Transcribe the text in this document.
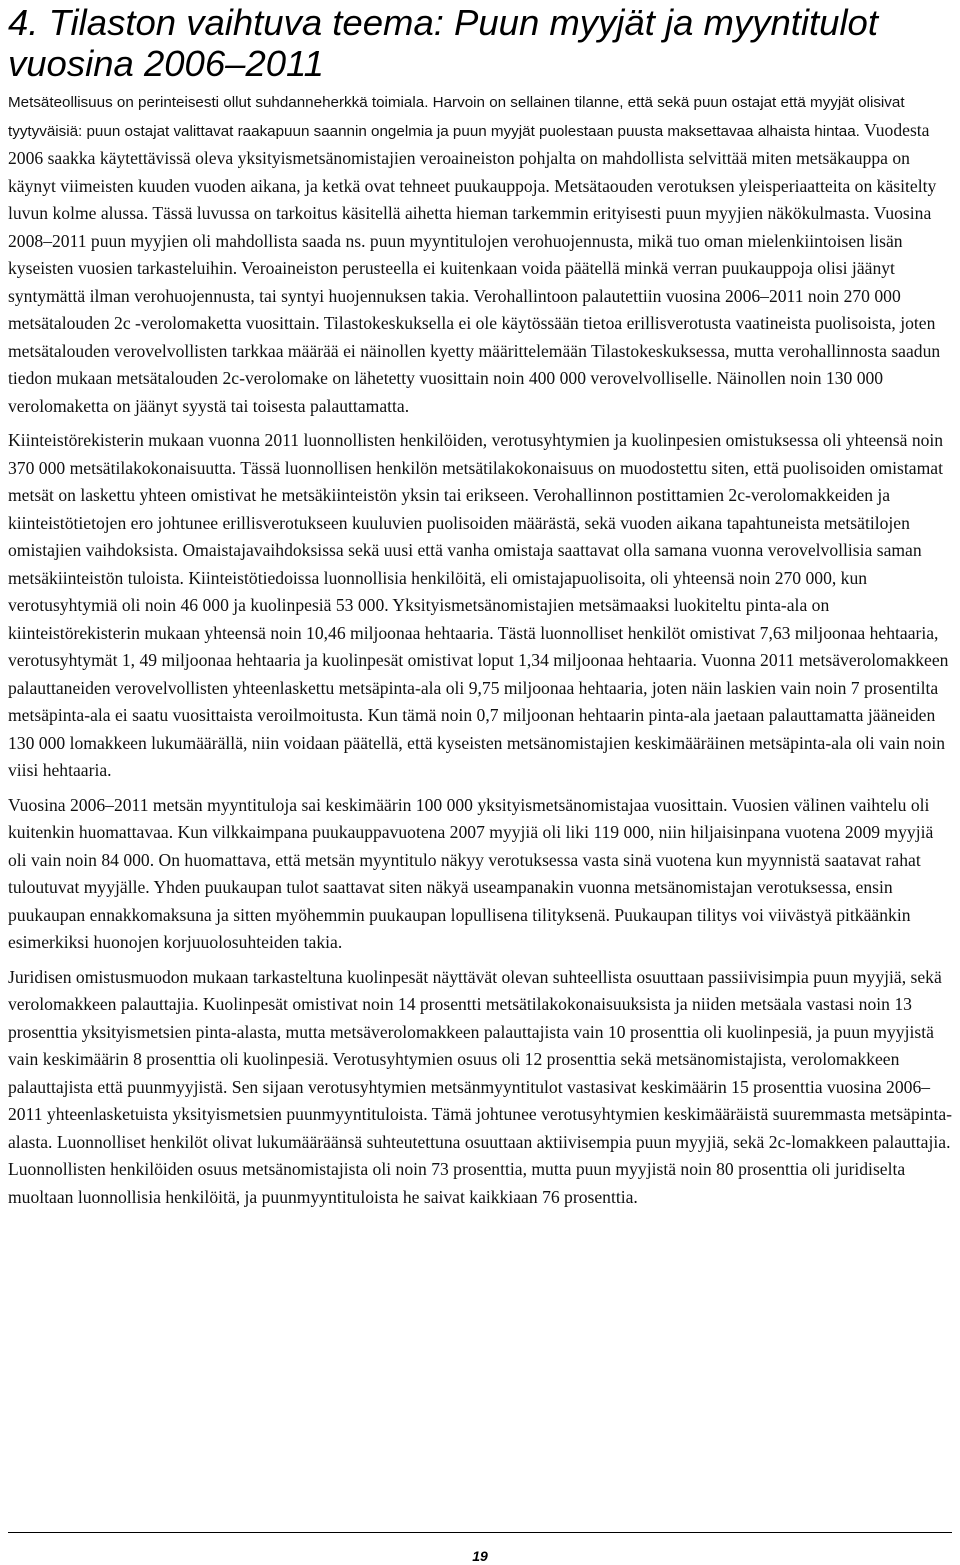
4. Tilaston vaihtuva teema: Puun myyjät ja myyntitulot vuosina 2006–2011

Metsäteollisuus on perinteisesti ollut suhdanneherkkä toimiala. Harvoin on sellainen tilanne, että sekä puun ostajat että myyjät olisivat tyytyväisiä: puun ostajat valittavat raakapuun saannin ongelmia ja puun myyjät puolestaan puusta maksettavaa alhaista hintaa. Vuodesta 2006 saakka käytettävissä oleva yksityismetsänomistajien veroaineiston pohjalta on mahdollista selvittää miten metsäkauppa on käynyt viimeisten kuuden vuoden aikana, ja ketkä ovat tehneet puukauppoja. Metsätaouden verotuksen yleisperiaatteita on käsitelty luvun kolme alussa. Tässä luvussa on tarkoitus käsitellä aihetta hieman tarkemmin erityisesti puun myyjien näkökulmasta. Vuosina 2008–2011 puun myyjien oli mahdollista saada ns. puun myyntitulojen verohuojennusta, mikä tuo oman mielenkiintoisen lisän kyseisten vuosien tarkasteluihin. Veroaineiston perusteella ei kuitenkaan voida päätellä minkä verran puukauppoja olisi jäänyt syntymättä ilman verohuojennusta, tai syntyi huojennuksen takia. Verohallintoon palautettiin vuosina 2006–2011 noin 270 000 metsätalouden 2c -verolomaketta vuosittain. Tilastokeskuksella ei ole käytössään tietoa erillisverotusta vaatineista puolisoista, joten metsätalouden verovelvollisten tarkkaa määrää ei näinollen kyetty määrittelemään Tilastokeskuksessa, mutta verohallinnosta saadun tiedon mukaan metsätalouden 2c-verolomake on lähetetty vuosittain noin 400 000 verovelvolliselle. Näinollen noin 130 000 verolomaketta on jäänyt syystä tai toisesta palauttamatta.

Kiinteistörekisterin mukaan vuonna 2011 luonnollisten henkilöiden, verotusyhtymien ja kuolinpesien omistuksessa oli yhteensä noin 370 000 metsätilakokonaisuutta. Tässä luonnollisen henkilön metsätilakokonaisuus on muodostettu siten, että puolisoiden omistamat metsät on laskettu yhteen omistivat he metsäkiinteistön yksin tai erikseen. Verohallinnon postittamien 2c-verolomakkeiden ja kiinteistötietojen ero johtunee erillisverotukseen kuuluvien puolisoiden määrästä, sekä vuoden aikana tapahtuneista metsätilojen omistajien vaihdoksista. Omaistajavaihdoksissa sekä uusi että vanha omistaja saattavat olla samana vuonna verovelvollisia saman metsäkiinteistön tuloista. Kiinteistötiedoissa luonnollisia henkilöitä, eli omistajapuolisoita, oli yhteensä noin 270 000, kun verotusyhtymiä oli noin 46 000 ja kuolinpesiä 53 000. Yksityismetsänomistajien metsämaaksi luokiteltu pinta-ala on kiinteistörekisterin mukaan yhteensä noin 10,46 miljoonaa hehtaaria. Tästä luonnolliset henkilöt omistivat 7,63 miljoonaa hehtaaria, verotusyhtymät 1, 49 miljoonaa hehtaaria ja kuolinpesät omistivat loput 1,34 miljoonaa hehtaaria. Vuonna 2011 metsäverolomakkeen palauttaneiden verovelvollisten yhteenlaskettu metsäpinta-ala oli 9,75 miljoonaa hehtaaria, joten näin laskien vain noin 7 prosentilta metsäpinta-ala ei saatu vuosittaista veroilmoitusta. Kun tämä noin 0,7 miljoonan hehtaarin pinta-ala jaetaan palauttamatta jääneiden 130 000 lomakkeen lukumäärällä, niin voidaan päätellä, että kyseisten metsänomistajien keskimääräinen metsäpinta-ala oli vain noin viisi hehtaaria.

Vuosina 2006–2011 metsän myyntituloja sai keskimäärin 100 000 yksityismetsänomistajaa vuosittain. Vuosien välinen vaihtelu oli kuitenkin huomattavaa. Kun vilkkaimpana puukauppavuotena 2007 myyjiä oli liki 119 000, niin hiljaisinpana vuotena 2009 myyjiä oli vain noin 84 000. On huomattava, että metsän myyntitulo näkyy verotuksessa vasta sinä vuotena kun myynnistä saatavat rahat tuloutuvat myyjälle. Yhden puukaupan tulot saattavat siten näkyä useampanakin vuonna metsänomistajan verotuksessa, ensin puukaupan ennakkomaksuna ja sitten myöhemmin puukaupan lopullisena tilityksenä. Puukaupan tilitys voi viivästyä pitkäänkin esimerkiksi huonojen korjuuolosuhteiden takia.

Juridisen omistusmuodon mukaan tarkasteltuna kuolinpesät näyttävät olevan suhteellista osuuttaan passiivisimpia puun myyjiä, sekä verolomakkeen palauttajia. Kuolinpesät omistivat noin 14 prosentti metsätilakokonaisuuksista ja niiden metsäala vastasi noin 13 prosenttia yksityismetsien pinta-alasta, mutta metsäverolomakkeen palauttajista vain 10 prosenttia oli kuolinpesiä, ja puun myyjistä vain keskimäärin 8 prosenttia oli kuolinpesiä. Verotusyhtymien osuus oli 12 prosenttia sekä metsänomistajista, verolomakkeen palauttajista että puunmyyjistä. Sen sijaan verotusyhtymien metsänmyyntitulot vastasivat keskimäärin 15 prosenttia vuosina 2006–2011 yhteenlasketuista yksityismetsien puunmyyntituloista. Tämä johtunee verotusyhtymien keskimääräistä suuremmasta metsäpinta-alasta. Luonnolliset henkilöt olivat lukumääräänsä suhteutettuna osuuttaan aktiivisempia puun myyjiä, sekä 2c-lomakkeen palauttajia. Luonnollisten henkilöiden osuus metsänomistajista oli noin 73 prosenttia, mutta puun myyjistä noin 80 prosenttia oli juridiselta muoltaan luonnollisia henkilöitä, ja puunmyyntituloista he saivat kaikkiaan 76 prosenttia.

19
